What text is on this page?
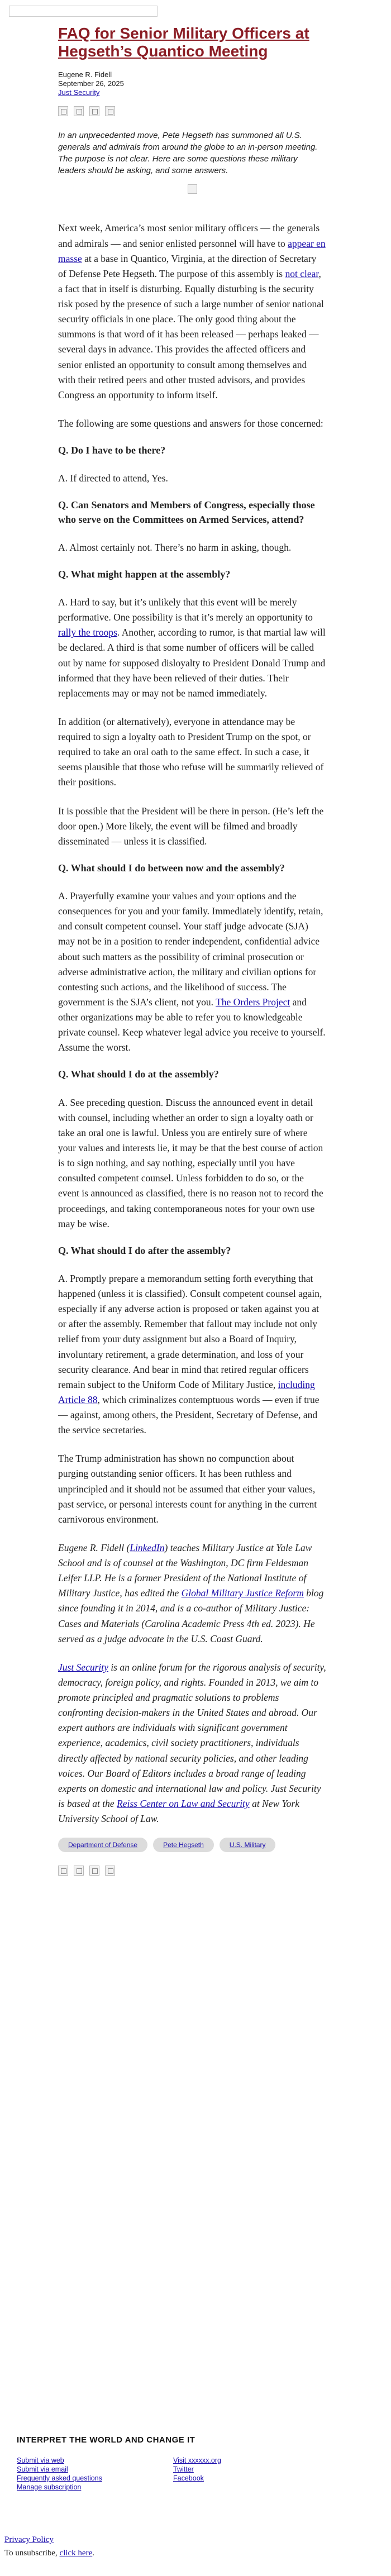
FAQ for Senior Military Officers at Hegseth’s Quantico Meeting
Eugene R. Fidell
September 26, 2025
Just Security
In an unprecedented move, Pete Hegseth has summoned all U.S. generals and admirals from around the globe to an in-person meeting. The purpose is not clear. Here are some questions these military leaders should be asking, and some answers.

Next week, America’s most senior military officers — the generals and admirals — and senior enlisted personnel will have to appear en masse at a base in Quantico, Virginia, at the direction of Secretary of Defense Pete Hegseth. The purpose of this assembly is not clear, a fact that in itself is disturbing. Equally disturbing is the security risk posed by the presence of such a large number of senior national security officials in one place. The only good thing about the summons is that word of it has been released — perhaps leaked — several days in advance. This provides the affected officers and senior enlisted an opportunity to consult among themselves and with their retired peers and other trusted advisors, and provides Congress an opportunity to inform itself.

The following are some questions and answers for those concerned:

Q. Do I have to be there?

A. If directed to attend, Yes.

Q. Can Senators and Members of Congress, especially those who serve on the Committees on Armed Services, attend?

A. Almost certainly not. There’s no harm in asking, though.

Q. What might happen at the assembly?

A. Hard to say, but it’s unlikely that this event will be merely performative. One possibility is that it’s merely an opportunity to rally the troops. Another, according to rumor, is that martial law will be declared. A third is that some number of officers will be called out by name for supposed disloyalty to President Donald Trump and informed that they have been relieved of their duties. Their replacements may or may not be named immediately.

In addition (or alternatively), everyone in attendance may be required to sign a loyalty oath to President Trump on the spot, or required to take an oral oath to the same effect. In such a case, it seems plausible that those who refuse will be summarily relieved of their positions.

It is possible that the President will be there in person. (He’s left the door open.) More likely, the event will be filmed and broadly disseminated — unless it is classified.

Q. What should I do between now and the assembly?

A. Prayerfully examine your values and your options and the consequences for you and your family. Immediately identify, retain, and consult competent counsel. Your staff judge advocate (SJA) may not be in a position to render independent, confidential advice about such matters as the possibility of criminal prosecution or adverse administrative action, the military and civilian options for contesting such actions, and the likelihood of success. The government is the SJA’s client, not you. The Orders Project and other organizations may be able to refer you to knowledgeable private counsel. Keep whatever legal advice you receive to yourself. Assume the worst.

Q. What should I do at the assembly?

A. See preceding question. Discuss the announced event in detail with counsel, including whether an order to sign a loyalty oath or take an oral one is lawful. Unless you are entirely sure of where your values and interests lie, it may be that the best course of action is to sign nothing, and say nothing, especially until you have consulted competent counsel. Unless forbidden to do so, or the event is announced as classified, there is no reason not to record the proceedings, and taking contemporaneous notes for your own use may be wise.

Q. What should I do after the assembly?

A. Promptly prepare a memorandum setting forth everything that happened (unless it is classified). Consult competent counsel again, especially if any adverse action is proposed or taken against you at or after the assembly. Remember that fallout may include not only relief from your duty assignment but also a Board of Inquiry, involuntary retirement, a grade determination, and loss of your security clearance. And bear in mind that retired regular officers remain subject to the Uniform Code of Military Justice, including Article 88, which criminalizes contemptuous words — even if true — against, among others, the President, Secretary of Defense, and the service secretaries.

The Trump administration has shown no compunction about purging outstanding senior officers. It has been ruthless and unprincipled and it should not be assumed that either your values, past service, or personal interests count for anything in the current carnivorous environment.

Eugene R. Fidell (LinkedIn) teaches Military Justice at Yale Law School and is of counsel at the Washington, DC firm Feldesman Leifer LLP. He is a former President of the National Institute of Military Justice, has edited the Global Military Justice Reform blog since founding it in 2014, and is a co-author of Military Justice: Cases and Materials (Carolina Academic Press 4th ed. 2023). He served as a judge advocate in the U.S. Coast Guard.

Just Security is an online forum for the rigorous analysis of security, democracy, foreign policy, and rights. Founded in 2013, we aim to promote principled and pragmatic solutions to problems confronting decision-makers in the United States and abroad. Our expert authors are individuals with significant government experience, academics, civil society practitioners, individuals directly affected by national security policies, and other leading voices. Our Board of Editors includes a broad range of leading experts on domestic and international law and policy. Just Security is based at the Reiss Center on Law and Security at New York University School of Law.

Department of Defense	Pete Hegseth	U.S. Military
INTERPRET THE WORLD AND CHANGE IT
Submit via web
Submit via email
Frequently asked questions
Manage subscription
Visit xxxxxx.org
Twitter
Facebook
Privacy Policy
To unsubscribe, click here.
